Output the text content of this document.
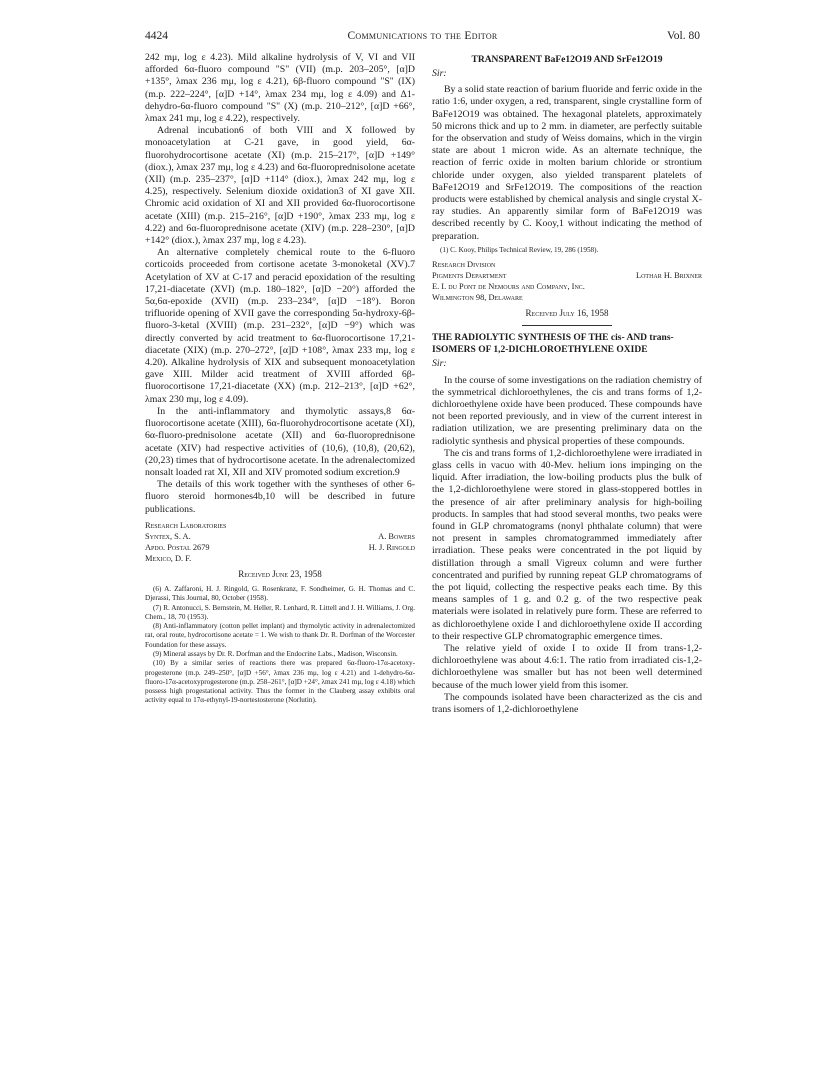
4424	Communications to the Editor	Vol. 80

242 mμ, log ε 4.23). Mild alkaline hydrolysis of V, VI and VII afforded 6α-fluoro compound "S" (VII) (m.p. 203–205°, [α]D +135°, λmax 236 mμ, log ε 4.21), 6β-fluoro compound "S" (IX) (m.p. 222–224°, [α]D +14°, λmax 234 mμ, log ε 4.09) and Δ1-dehydro-6α-fluoro compound "S" (X) (m.p. 210–212°, [α]D +66°, λmax 241 mμ, log ε 4.22), respectively.

Adrenal incubation6 of both VIII and X followed by monoacetylation at C-21 gave, in good yield, 6α-fluorohydrocortisone acetate (XI) (m.p. 215–217°, [α]D +149° (diox.), λmax 237 mμ, log ε 4.23) and 6α-fluoroprednisolone acetate (XII) (m.p. 235–237°, [α]D +114° (diox.), λmax 242 mμ, log ε 4.25), respectively. Selenium dioxide oxidation3 of XI gave XII. Chromic acid oxidation of XI and XII provided 6α-fluorocortisone acetate (XIII) (m.p. 215–216°, [α]D +190°, λmax 233 mμ, log ε 4.22) and 6α-fluoroprednisone acetate (XIV) (m.p. 228–230°, [α]D +142° (diox.), λmax 237 mμ, log ε 4.23).

An alternative completely chemical route to the 6-fluoro corticoids proceeded from cortisone acetate 3-monoketal (XV).7 Acetylation of XV at C-17 and peracid epoxidation of the resulting 17,21-diacetate (XVI) (m.p. 180–182°, [α]D −20°) afforded the 5α,6α-epoxide (XVII) (m.p. 233–234°, [α]D −18°). Boron trifluoride opening of XVII gave the corresponding 5α-hydroxy-6β-fluoro-3-ketal (XVIII) (m.p. 231–232°, [α]D −9°) which was directly converted by acid treatment to 6α-fluorocortisone 17,21-diacetate (XIX) (m.p. 270–272°, [α]D +108°, λmax 233 mμ, log ε 4.20). Alkaline hydrolysis of XIX and subsequent monoacetylation gave XIII. Milder acid treatment of XVIII afforded 6β-fluorocortisone 17,21-diacetate (XX) (m.p. 212–213°, [α]D +62°, λmax 230 mμ, log ε 4.09).

In the anti-inflammatory and thymolytic assays,8 6α-fluorocortisone acetate (XIII), 6α-fluorohydrocortisone acetate (XI), 6α-fluoro-prednisolone acetate (XII) and 6α-fluoroprednisone acetate (XIV) had respective activities of (10,6), (10,8), (20,62), (20,23) times that of hydrocortisone acetate. In the adrenalectomized nonsalt loaded rat XI, XII and XIV promoted sodium excretion.9

The details of this work together with the syntheses of other 6-fluoro steroid hormones4b,10 will be described in future publications.

Research Laboratories
Syntex, S. A.	A. Bowers
Apdo. Postal 2679	H. J. Ringold
Mexico, D. F.
Received June 23, 1958

(6) A. Zaffaroni, H. J. Ringold, G. Rosenkranz, F. Sondheimer, G. H. Thomas and C. Djerassi, This Journal, 80, October (1958).

(7) R. Antonucci, S. Bernstein, M. Heller, R. Lenhard, R. Littell and J. H. Williams, J. Org. Chem., 18, 70 (1953).

(8) Anti-inflammatory (cotton pellet implant) and thymolytic activity in adrenalectomized rat, oral route, hydrocortisone acetate = 1. We wish to thank Dr. R. Dorfman of the Worcester Foundation for these assays.

(9) Mineral assays by Dr. R. Dorfman and the Endocrine Labs., Madison, Wisconsin.

(10) By a similar series of reactions there was prepared 6α-fluoro-17α-acetoxy-progesterone (m.p. 249–250°, [α]D +56°, λmax 236 mμ, log ε 4.21) and 1-dehydro-6α-fluoro-17α-acetoxyprogesterone (m.p. 258–261°, [α]D +24°, λmax 241 mμ, log ε 4.18) which possess high progestational activity. Thus the former in the Clauberg assay exhibits oral activity equal to 17α-ethynyl-19-nortestosterone (Norlutin).

TRANSPARENT BaFe12O19 AND SrFe12O19
Sir:

By a solid state reaction of barium fluoride and ferric oxide in the ratio 1:6, under oxygen, a red, transparent, single crystalline form of BaFe12O19 was obtained. The hexagonal platelets, approximately 50 microns thick and up to 2 mm. in diameter, are perfectly suitable for the observation and study of Weiss domains, which in the virgin state are about 1 micron wide. As an alternate technique, the reaction of ferric oxide in molten barium chloride or strontium chloride under oxygen, also yielded transparent platelets of BaFe12O19 and SrFe12O19. The compositions of the reaction products were established by chemical analysis and single crystal X-ray studies. An apparently similar form of BaFe12O19 was described recently by C. Kooy,1 without indicating the method of preparation.

(1) C. Kooy, Philips Technical Review, 19, 286 (1958).

Research Division
Pigments Department	Lothar H. Brixner
E. I. du Pont de Nemours and Company, Inc.
Wilmington 98, Delaware
Received July 16, 1958
THE RADIOLYTIC SYNTHESIS OF THE cis- AND trans-ISOMERS OF 1,2-DICHLOROETHYLENE OXIDE
Sir:

In the course of some investigations on the radiation chemistry of the symmetrical dichloroethylenes, the cis and trans forms of 1,2-dichloroethylene oxide have been produced. These compounds have not been reported previously, and in view of the current interest in radiation utilization, we are presenting preliminary data on the radiolytic synthesis and physical properties of these compounds.

The cis and trans forms of 1,2-dichloroethylene were irradiated in glass cells in vacuo with 40-Mev. helium ions impinging on the liquid. After irradiation, the low-boiling products plus the bulk of the 1,2-dichloroethylene were stored in glass-stoppered bottles in the presence of air after preliminary analysis for high-boiling products. In samples that had stood several months, two peaks were found in GLP chromatograms (nonyl phthalate column) that were not present in samples chromatogrammed immediately after irradiation. These peaks were concentrated in the pot liquid by distillation through a small Vigreux column and were further concentrated and purified by running repeat GLP chromatograms of the pot liquid, collecting the respective peaks each time. By this means samples of 1 g. and 0.2 g. of the two respective peak materials were isolated in relatively pure form. These are referred to as dichloroethylene oxide I and dichloroethylene oxide II according to their respective GLP chromatographic emergence times.

The relative yield of oxide I to oxide II from trans-1,2-dichloroethylene was about 4.6:1. The ratio from irradiated cis-1,2-dichloroethylene was smaller but has not been well determined because of the much lower yield from this isomer.

The compounds isolated have been characterized as the cis and trans isomers of 1,2-dichloroethylene
